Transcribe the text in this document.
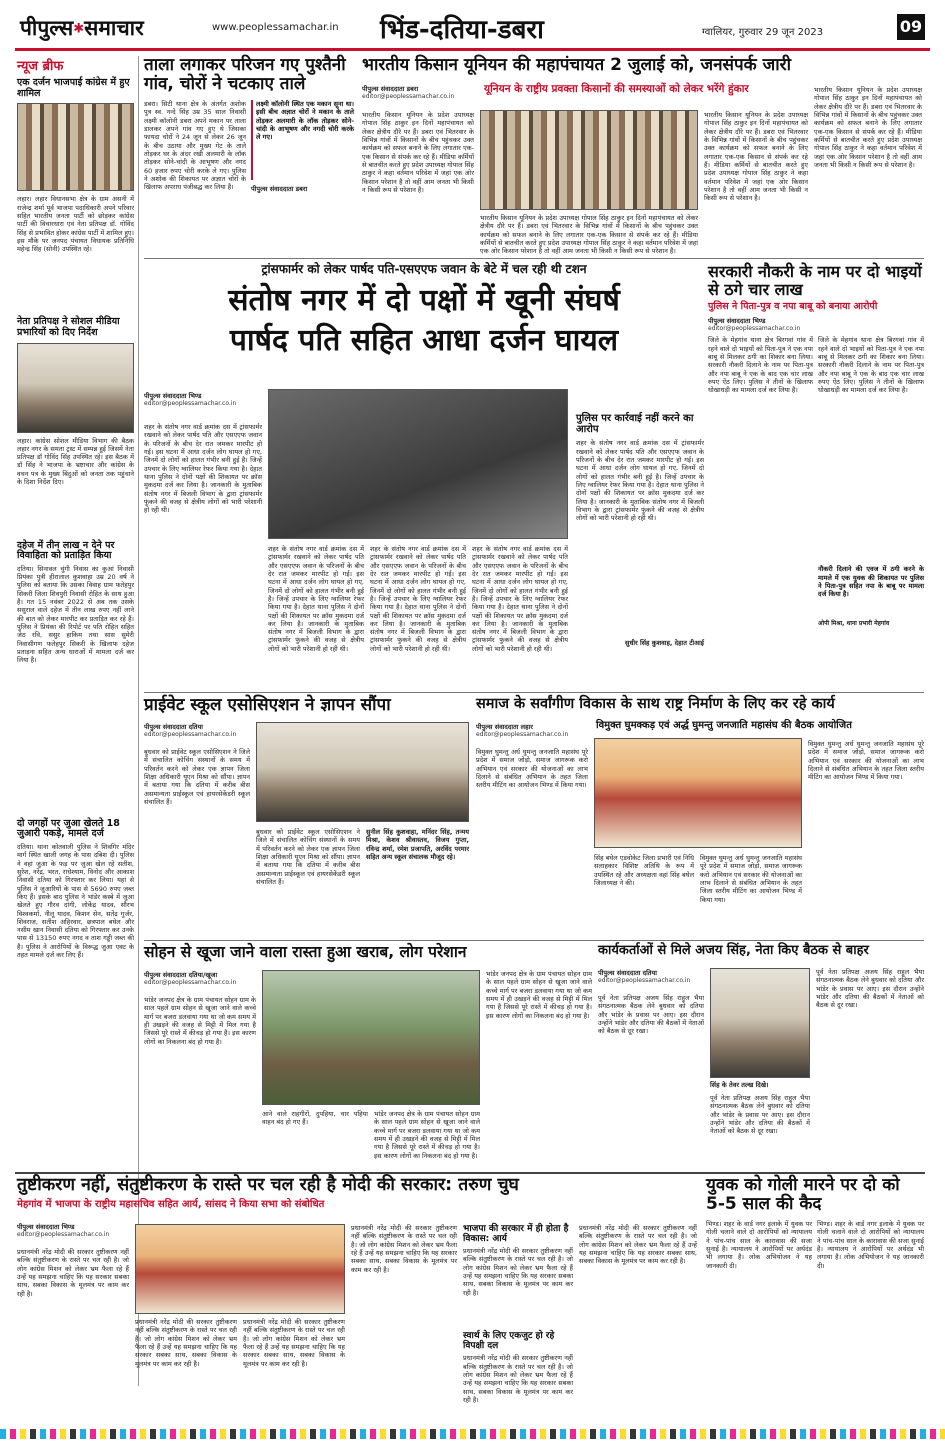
पीपुल्स✱समाचार	www.peoplessamachar.in भिंड-दतिया-डबरा	ग्वालियर, गुरुवार 29 जून 2023	09
न्यूज ब्रीफ
एक दर्जन भाजपाई कांग्रेस में हुए शामिल

लहार। लहार विधानसभा क्षेत्र के ग्राम असनी में राजेन्द्र शर्मा पूर्व भाजपा पदाधिकारी अपने परिवार सहित भारतीय जनता पार्टी को छोड़कर कांग्रेस पार्टी की विचारधारा एवं नेता प्रतिपक्ष डॉ. गोविंद सिंह से प्रभावित होकर कांग्रेस पार्टी में शामिल हुए। इस मौके पर जनपद पंचायत विधायक प्रतिनिधि महेन्द्र सिंह (सोनी) उपस्थित रहे।

नेता प्रतिपक्ष ने सोशल मीडिया प्रभारियों को दिए निर्देश

लहार। कांग्रेस सोशल मीडिया विभाग की बैठक लहार नगर के समता ट्रस्ट में सम्पन्न हुई जिसमें नेता प्रतिपक्ष डॉ गोविंद सिंह उपस्थित रहे। इस बैठक में डॉ सिंह ने भाजपा के भ्रष्टाचार और कांग्रेस के वचन पत्र के मुख्य बिंदुओं को जनता तक पहुंचाने के दिशा निर्देश दिए।

दहेज में तीन लाख न देने पर विवाहिता को प्रताड़ित किया

दतिया। सिनावल चुंगी निवास का कुआं निवासी प्रियंका पुत्री हीरालाल कुशवाहा उम्र 20 वर्ष ने पुलिस को बताया कि उसका विवाह ग्राम फतेहपुर सिकरी जिला शिवपुरी निवासी रोहित के साथ हुआ है। गत 15 नवंबर 2022 से अब तक उसके ससुराल वाले दहेज में तीन लाख रुपए नहीं लाने की बात को लेकर मारपीट कर प्रताड़ित कर रहे हैं। पुलिस ने प्रियंका की रिपोर्ट पर पति रोहित सहित जेठ रवि, ससुर हाकिम तथा सास सुमेरी निवासीगण फतेहपुर सिकरी के खिलाफ दहेज प्रताड़ना सहित अन्य धाराओं में मामला दर्ज कर लिया है।

दो जगहों पर जुआ खेलते 18 जुआरी पकड़े, मामले दर्ज

दतिया। थाना कोतवाली पुलिस ने शिवगिर मंदिर मार्ग स्थित खाली जगह के पास दबिश दी। पुलिस ने वहां जुआ के फड़ पर जुआ खेल रहे सतीश, सुरेश, नरेंद्र, भरत, राधेश्याम, विनोद और आकाश निवासी दतिया को गिरफ्तार कर लिया। यहां से पुलिस ने जुआरियों के पास से 5690 रुपए जब्त किए हैं। इसके बाद पुलिस ने भांडेर कस्बे में जुआ खेलते हुए गौरव दांगी, लोकेंद्र यादव, सौरभ विश्वकर्मा, नीलू यादव, किशन सेन, सतेंद्र गुर्जर, शिवराज, सतीश अहिरवार, छत्रपाल बघेल और नसीम खान निवासी दतिया को गिरफ्तार कर उनके पास से 13150 रुपए नगद व ताश गड्डी जब्त की है। पुलिस ने आरोपियों के विरूद्ध जुआ एक्ट के तहत मामले दर्ज कर लिए हैं।

ताला लगाकर परिजन गए पुश्तैनी गांव, चोरों ने चटकाए ताले

डबरा। सिटी थाना क्षेत्र के अंतर्गत अशोक पुत्र स्व. नन्दे सिंह उम्र 35 साल निवासी लक्ष्मी कॉलोनी डबरा अपने मकान पर ताला डालकर अपने गांव गए हुए थे जिसका फायदा चोरों ने 24 जून से लेकर 26 जून के बीच उठाया और मुख्य गेट के ताले तोड़कर घर के अंदर रखी अलमारी के लॉक तोड़कर सोने-चांदी के आभूषण और नगद 60 हजार रुपए चोरी करके ले गए। पुलिस ने अशोक की शिकायत पर अज्ञात चोरों के खिलाफ अपराध पंजीबद्ध कर लिया है।

लक्ष्मी कॉलोनी स्थित एक मकान सूना था। इसी बीच अज्ञात चोरों ने मकान के ताले तोड़कर अलमारी के लॉक तोड़कर सोने-चांदी के आभूषण और नगदी चोरी करके ले गए।

पीपुल्स संवाददाता डबरा
भारतीय किसान यूनियन की महापंचायत 2 जुलाई को, जनसंपर्क जारी
पीपुल्स संवाददाता डबरा
editor@peoplessamachar.co.in
यूनियन के राष्ट्रीय प्रवक्ता किसानों की समस्याओं को लेकर भरेंगे हुंकार

भारतीय किसान यूनियन के प्रदेश उपाध्यक्ष गोपाल सिंह ठाकुर इन दिनों महापंचायत को लेकर क्षेत्रीय दौरे पर हैं। डबरा एवं भितरवार के विभिन्न गांवों में किसानों के बीच पहुंचकर उक्त कार्यक्रम को सफल बनाने के लिए लगातार एक-एक किसान से संपर्क कर रहे हैं। मीडिया कर्मियों से बातचीत करते हुए प्रदेश उपाध्यक्ष गोपाल सिंह ठाकुर ने कहा वर्तमान परिवेश में जहां एक ओर किसान परेशान है तो वहीं आम जनता भी किसी न किसी रूप से परेशान है।

भारतीय किसान यूनियन के प्रदेश उपाध्यक्ष गोपाल सिंह ठाकुर इन दिनों महापंचायत को लेकर क्षेत्रीय दौरे पर हैं। डबरा एवं भितरवार के विभिन्न गांवों में किसानों के बीच पहुंचकर उक्त कार्यक्रम को सफल बनाने के लिए लगातार एक-एक किसान से संपर्क कर रहे हैं। मीडिया कर्मियों से बातचीत करते हुए प्रदेश उपाध्यक्ष गोपाल सिंह ठाकुर ने कहा वर्तमान परिवेश में जहां एक ओर किसान परेशान है तो वहीं आम जनता भी किसी न किसी रूप से परेशान है।

भारतीय किसान यूनियन के प्रदेश उपाध्यक्ष गोपाल सिंह ठाकुर इन दिनों महापंचायत को लेकर क्षेत्रीय दौरे पर हैं। डबरा एवं भितरवार के विभिन्न गांवों में किसानों के बीच पहुंचकर उक्त कार्यक्रम को सफल बनाने के लिए लगातार एक-एक किसान से संपर्क कर रहे हैं। मीडिया कर्मियों से बातचीत करते हुए प्रदेश उपाध्यक्ष गोपाल सिंह ठाकुर ने कहा वर्तमान परिवेश में जहां एक ओर किसान परेशान है तो वहीं आम जनता भी किसी न किसी रूप से परेशान है।

भारतीय किसान यूनियन के प्रदेश उपाध्यक्ष गोपाल सिंह ठाकुर इन दिनों महापंचायत को लेकर क्षेत्रीय दौरे पर हैं। डबरा एवं भितरवार के विभिन्न गांवों में किसानों के बीच पहुंचकर उक्त कार्यक्रम को सफल बनाने के लिए लगातार एक-एक किसान से संपर्क कर रहे हैं। मीडिया कर्मियों से बातचीत करते हुए प्रदेश उपाध्यक्ष गोपाल सिंह ठाकुर ने कहा वर्तमान परिवेश में जहां एक ओर किसान परेशान है तो वहीं आम जनता भी किसी न किसी रूप से परेशान है।

ट्रांसफार्मर को लेकर पार्षद पति-एसएएफ जवान के बेटे में चल रही थी टशन
संतोष नगर में दो पक्षों में खूनी संघर्ष
पार्षद पति सहित आधा दर्जन घायल
पीपुल्स संवाददाता भिण्ड
editor@peoplessamachar.co.in

शहर के संतोष नगर वार्ड क्रमांक दस में ट्रांसफार्मर रखवाने को लेकर पार्षद पति और एसएएफ जवान के परिजनों के बीच देर रात जमकर मारपीट हो गई। इस घटना में आधा दर्जन लोग घायल हो गए, जिनमें दो लोगों को हालत गंभीर बनी हुई है। जिन्हें उपचार के लिए ग्वालियर रेफर किया गया है। देहात थाना पुलिस ने दोनों पक्षों की शिकायत पर क्रॉस मुकदमा दर्ज कर लिया है। जानकारी के मुताबिक संतोष नगर में बिजली विभाग के द्वारा ट्रांसफार्मर फुंकने की वजह से क्षेत्रीय लोगों को भारी परेशानी हो रही थी।

शहर के संतोष नगर वार्ड क्रमांक दस में ट्रांसफार्मर रखवाने को लेकर पार्षद पति और एसएएफ जवान के परिजनों के बीच देर रात जमकर मारपीट हो गई। इस घटना में आधा दर्जन लोग घायल हो गए, जिनमें दो लोगों को हालत गंभीर बनी हुई है। जिन्हें उपचार के लिए ग्वालियर रेफर किया गया है। देहात थाना पुलिस ने दोनों पक्षों की शिकायत पर क्रॉस मुकदमा दर्ज कर लिया है। जानकारी के मुताबिक संतोष नगर में बिजली विभाग के द्वारा ट्रांसफार्मर फुंकने की वजह से क्षेत्रीय लोगों को भारी परेशानी हो रही थी।

शहर के संतोष नगर वार्ड क्रमांक दस में ट्रांसफार्मर रखवाने को लेकर पार्षद पति और एसएएफ जवान के परिजनों के बीच देर रात जमकर मारपीट हो गई। इस घटना में आधा दर्जन लोग घायल हो गए, जिनमें दो लोगों को हालत गंभीर बनी हुई है। जिन्हें उपचार के लिए ग्वालियर रेफर किया गया है। देहात थाना पुलिस ने दोनों पक्षों की शिकायत पर क्रॉस मुकदमा दर्ज कर लिया है। जानकारी के मुताबिक संतोष नगर में बिजली विभाग के द्वारा ट्रांसफार्मर फुंकने की वजह से क्षेत्रीय लोगों को भारी परेशानी हो रही थी।

शहर के संतोष नगर वार्ड क्रमांक दस में ट्रांसफार्मर रखवाने को लेकर पार्षद पति और एसएएफ जवान के परिजनों के बीच देर रात जमकर मारपीट हो गई। इस घटना में आधा दर्जन लोग घायल हो गए, जिनमें दो लोगों को हालत गंभीर बनी हुई है। जिन्हें उपचार के लिए ग्वालियर रेफर किया गया है। देहात थाना पुलिस ने दोनों पक्षों की शिकायत पर क्रॉस मुकदमा दर्ज कर लिया है। जानकारी के मुताबिक संतोष नगर में बिजली विभाग के द्वारा ट्रांसफार्मर फुंकने की वजह से क्षेत्रीय लोगों को भारी परेशानी हो रही थी।

पुलिस पर कार्रवाई नहीं करने का आरोप

शहर के संतोष नगर वार्ड क्रमांक दस में ट्रांसफार्मर रखवाने को लेकर पार्षद पति और एसएएफ जवान के परिजनों के बीच देर रात जमकर मारपीट हो गई। इस घटना में आधा दर्जन लोग घायल हो गए, जिनमें दो लोगों को हालत गंभीर बनी हुई है। जिन्हें उपचार के लिए ग्वालियर रेफर किया गया है। देहात थाना पुलिस ने दोनों पक्षों की शिकायत पर क्रॉस मुकदमा दर्ज कर लिया है। जानकारी के मुताबिक संतोष नगर में बिजली विभाग के द्वारा ट्रांसफार्मर फुंकने की वजह से क्षेत्रीय लोगों को भारी परेशानी हो रही थी।

सुधीर सिंह कुशवाह, देहात टीआई
सरकारी नौकरी के नाम पर दो भाइयों से ठगे चार लाख
पुलिस ने पिता-पुत्र व नपा बाबू को बनाया आरोपी
पीपुल्स संवाददाता भिण्ड
editor@peoplessamachar.co.in

जिले के मेहगांव थाना क्षेत्र बिरगवां गांव में रहने वाले दो भाइयों को पिता-पुत्र ने एक नपा बाबू से मिलकर ठगी का शिकार बना लिया। सरकारी नौकरी दिलाने के नाम पर पिता-पुत्र और नपा बाबू ने एक के बाद एक चार लाख रुपए ऐंठ लिए। पुलिस ने तीनों के खिलाफ धोखाधड़ी का मामला दर्ज कर लिया है।

जिले के मेहगांव थाना क्षेत्र बिरगवां गांव में रहने वाले दो भाइयों को पिता-पुत्र ने एक नपा बाबू से मिलकर ठगी का शिकार बना लिया। सरकारी नौकरी दिलाने के नाम पर पिता-पुत्र और नपा बाबू ने एक के बाद एक चार लाख रुपए ऐंठ लिए। पुलिस ने तीनों के खिलाफ धोखाधड़ी का मामला दर्ज कर लिया है।

नौकरी दिलाने की एवज में ठगी करने के मामले में एक युवक की शिकायत पर पुलिस ने पिता-पुत्र सहित नपा के बाबू पर मामला दर्ज किया है।

ओपी मिश्रा, थाना प्रभारी मेहगांव
प्राईवेट स्कूल एसोसिएशन ने ज्ञापन सौंपा
पीपुल्स संवाददाता दतिया
editor@peoplessamachar.co.in

बुधवार को प्राईवेट स्कूल एसोसिएशन ने जिले में संचालित कोचिंग संस्थानों के समय में परिवर्तन करने को लेकर एक ज्ञापन जिला शिक्षा अधिकारी यूएन मिश्रा को सौंपा। ज्ञापन में बताया गया कि दतिया में करीब बीस असमान्यता प्राईस्कूल एवं हायरसेकेंडरी स्कूल संचालित हैं।

बुधवार को प्राईवेट स्कूल एसोसिएशन ने जिले में संचालित कोचिंग संस्थानों के समय में परिवर्तन करने को लेकर एक ज्ञापन जिला शिक्षा अधिकारी यूएन मिश्रा को सौंपा। ज्ञापन में बताया गया कि दतिया में करीब बीस असमान्यता प्राईस्कूल एवं हायरसेकेंडरी स्कूल संचालित हैं।

सुनील सिंह कुशवाहा, मनिंदर सिंह, तन्मय मिश्रा, केशव श्रीवास्तव, विजय गुप्ता, रविन्द्र शर्मा, रमेश प्रजापति, अरविंद परमार सहित अन्य स्कूल संचालक मौजूद रहे।

समाज के सर्वांगीण विकास के साथ राष्ट्र निर्माण के लिए कर रहे कार्य
विमुक्त घुमक्कड़ एवं अर्द्ध घुमन्तु जनजाति महासंघ की बैठक आयोजित
पीपुल्स संवाददाता लहार
editor@peoplessamachar.co.in

विमुक्त घुमन्तु अर्ध घुमन्तु जनजाति महासंघ पूरे प्रदेश में समाज जोड़ो, समाज जागरूक करो अभियान एवं सरकार की योजनाओं का लाभ दिलाने से संबंधित अभियान के तहत जिला स्तरीय मीटिंग का आयोजन भिण्ड में किया गया।

सिंह बघेल एडवोकेट जिला प्रभारी एवं निधि सलाहकार विशिष्ट अतिथि के रूप में उपस्थित रहे और अध्यक्षता वहां सिंह बघेल जिलाध्यक्ष ने की।

विमुक्त घुमन्तु अर्ध घुमन्तु जनजाति महासंघ पूरे प्रदेश में समाज जोड़ो, समाज जागरूक करो अभियान एवं सरकार की योजनाओं का लाभ दिलाने से संबंधित अभियान के तहत जिला स्तरीय मीटिंग का आयोजन भिण्ड में किया गया।

विमुक्त घुमन्तु अर्ध घुमन्तु जनजाति महासंघ पूरे प्रदेश में समाज जोड़ो, समाज जागरूक करो अभियान एवं सरकार की योजनाओं का लाभ दिलाने से संबंधित अभियान के तहत जिला स्तरीय मीटिंग का आयोजन भिण्ड में किया गया।

सोहन से खूजा जाने वाला रास्ता हुआ खराब, लोग परेशान
पीपुल्स संवाददाता दतिया/खूजा
editor@peoplessamachar.co.in

भांडेर जनपद क्षेत्र के ग्राम पंचायत सोहन ग्राम के साल पहले ग्राम सोहन से खूजा जाने वाले कच्चे मार्ग पर बजरा डलवाया गया था जो कम समय में ही उखड़ने की वजह से मिट्टी में मिल गया है जिससे पूरे रास्ते में कीचड़ हो गया है। इस कारण लोगों का निकलना बंद हो गया है।

आने वाले राहगीरों, दुपहिया, चार पहिया वाहन बंद हो गए हैं।

भांडेर जनपद क्षेत्र के ग्राम पंचायत सोहन ग्राम के साल पहले ग्राम सोहन से खूजा जाने वाले कच्चे मार्ग पर बजरा डलवाया गया था जो कम समय में ही उखड़ने की वजह से मिट्टी में मिल गया है जिससे पूरे रास्ते में कीचड़ हो गया है। इस कारण लोगों का निकलना बंद हो गया है।

भांडेर जनपद क्षेत्र के ग्राम पंचायत सोहन ग्राम के साल पहले ग्राम सोहन से खूजा जाने वाले कच्चे मार्ग पर बजरा डलवाया गया था जो कम समय में ही उखड़ने की वजह से मिट्टी में मिल गया है जिससे पूरे रास्ते में कीचड़ हो गया है। इस कारण लोगों का निकलना बंद हो गया है।

कार्यकर्ताओं से मिले अजय सिंह, नेता किए बैठक से बाहर
पीपुल्स संवाददाता दतिया
editor@peoplessamachar.co.in

पूर्व नेता प्रतिपक्ष अजय सिंह राहुल भैया संगठनात्मक बैठक लेने बुधवार को दतिया और भांडेर के प्रवास पर आए। इस दौरान उन्होंने भांडेर और दतिया की बैठकों में नेताओं को बैठक से दूर रखा।

सिंह के तेवर तल्ख दिखे।

पूर्व नेता प्रतिपक्ष अजय सिंह राहुल भैया संगठनात्मक बैठक लेने बुधवार को दतिया और भांडेर के प्रवास पर आए। इस दौरान उन्होंने भांडेर और दतिया की बैठकों में नेताओं को बैठक से दूर रखा।

पूर्व नेता प्रतिपक्ष अजय सिंह राहुल भैया संगठनात्मक बैठक लेने बुधवार को दतिया और भांडेर के प्रवास पर आए। इस दौरान उन्होंने भांडेर और दतिया की बैठकों में नेताओं को बैठक से दूर रखा।

तुष्टीकरण नहीं, संतुष्टीकरण के रास्ते पर चल रही है मोदी की सरकार: तरुण चुघ
मेहगांव में भाजपा के राष्ट्रीय महासचिव सहित आर्य, सांसद ने किया सभा को संबोधित
पीपुल्स संवाददाता भिण्ड
editor@peoplessamachar.co.in

प्रधानमंत्री नरेंद्र मोदी की सरकार तुष्टीकरण नहीं बल्कि संतुष्टीकरण के रास्ते पर चल रही है। जो लोग कांग्रेस मिशन को लेकर भ्रम फैला रहे हैं उन्हें यह समझना चाहिए कि यह सरकार सबका साथ, सबका विकास के मूलमंत्र पर काम कर रही है।

प्रधानमंत्री नरेंद्र मोदी की सरकार तुष्टीकरण नहीं बल्कि संतुष्टीकरण के रास्ते पर चल रही है। जो लोग कांग्रेस मिशन को लेकर भ्रम फैला रहे हैं उन्हें यह समझना चाहिए कि यह सरकार सबका साथ, सबका विकास के मूलमंत्र पर काम कर रही है।

प्रधानमंत्री नरेंद्र मोदी की सरकार तुष्टीकरण नहीं बल्कि संतुष्टीकरण के रास्ते पर चल रही है। जो लोग कांग्रेस मिशन को लेकर भ्रम फैला रहे हैं उन्हें यह समझना चाहिए कि यह सरकार सबका साथ, सबका विकास के मूलमंत्र पर काम कर रही है।

प्रधानमंत्री नरेंद्र मोदी की सरकार तुष्टीकरण नहीं बल्कि संतुष्टीकरण के रास्ते पर चल रही है। जो लोग कांग्रेस मिशन को लेकर भ्रम फैला रहे हैं उन्हें यह समझना चाहिए कि यह सरकार सबका साथ, सबका विकास के मूलमंत्र पर काम कर रही है।

भाजपा की सरकार में ही होता है विकास: आर्य

प्रधानमंत्री नरेंद्र मोदी की सरकार तुष्टीकरण नहीं बल्कि संतुष्टीकरण के रास्ते पर चल रही है। जो लोग कांग्रेस मिशन को लेकर भ्रम फैला रहे हैं उन्हें यह समझना चाहिए कि यह सरकार सबका साथ, सबका विकास के मूलमंत्र पर काम कर रही है।

स्वार्थ के लिए एकजुट हो रहे विपक्षी दल

प्रधानमंत्री नरेंद्र मोदी की सरकार तुष्टीकरण नहीं बल्कि संतुष्टीकरण के रास्ते पर चल रही है। जो लोग कांग्रेस मिशन को लेकर भ्रम फैला रहे हैं उन्हें यह समझना चाहिए कि यह सरकार सबका साथ, सबका विकास के मूलमंत्र पर काम कर रही है।

प्रधानमंत्री नरेंद्र मोदी की सरकार तुष्टीकरण नहीं बल्कि संतुष्टीकरण के रास्ते पर चल रही है। जो लोग कांग्रेस मिशन को लेकर भ्रम फैला रहे हैं उन्हें यह समझना चाहिए कि यह सरकार सबका साथ, सबका विकास के मूलमंत्र पर काम कर रही है।

युवक को गोली मारने पर दो को 5-5 साल की कैद

भिण्ड। शहर के वार्ड नगर इलाके में युवक पर गोली चलाने वाले दो आरोपियों को न्यायालय ने पांच-पांच साल के कारावास की सजा सुनाई है। न्यायालय ने आरोपियों पर अर्थदंड भी लगाया है। लोक अभियोजन ने यह जानकारी दी।

भिण्ड। शहर के वार्ड नगर इलाके में युवक पर गोली चलाने वाले दो आरोपियों को न्यायालय ने पांच-पांच साल के कारावास की सजा सुनाई है। न्यायालय ने आरोपियों पर अर्थदंड भी लगाया है। लोक अभियोजन ने यह जानकारी दी।
